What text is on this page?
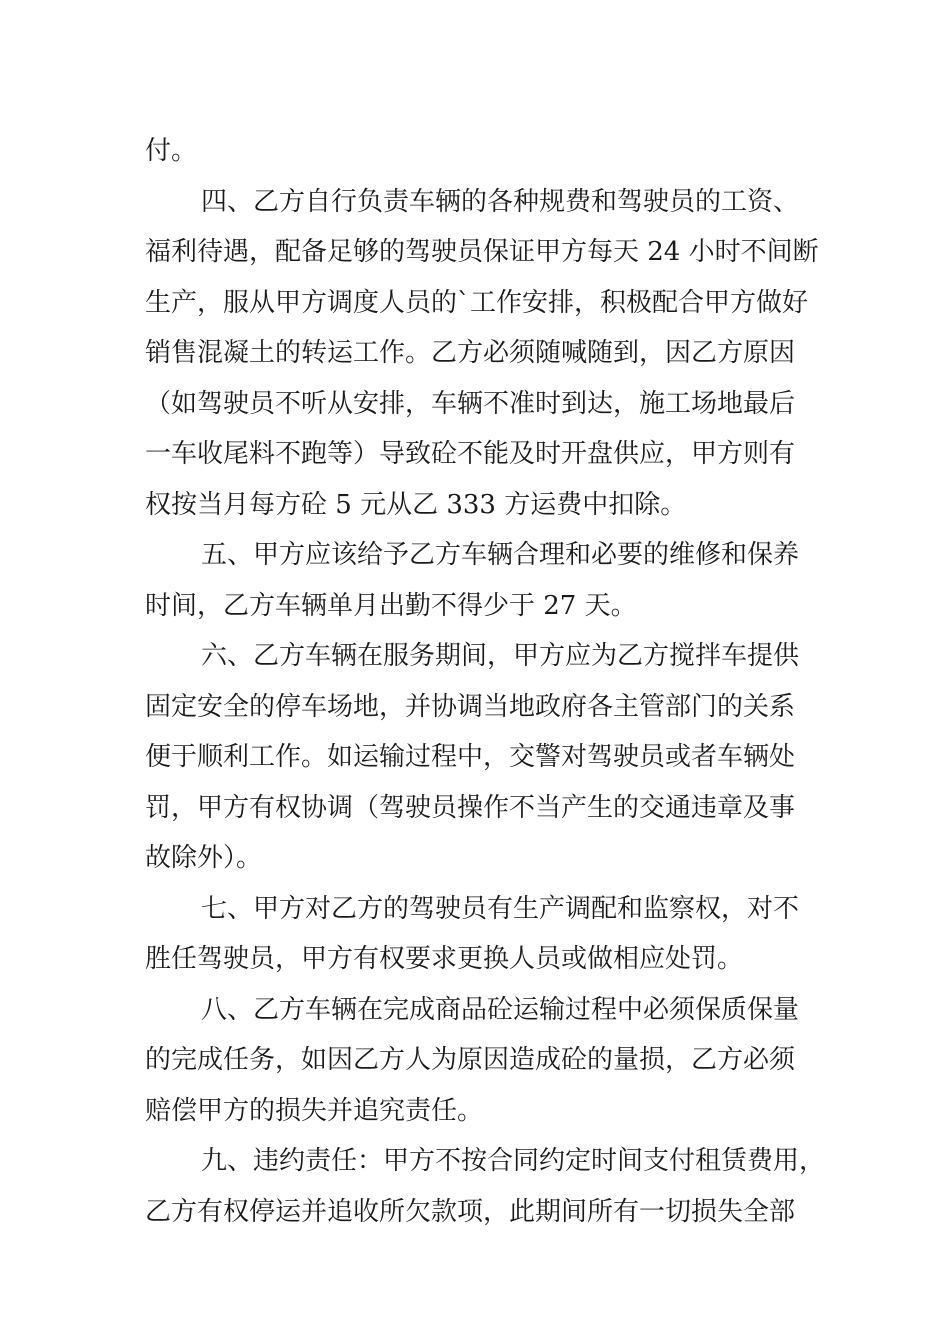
付。
四、乙方自行负责车辆的各种规费和驾驶员的工资、
福利待遇，配备足够的驾驶员保证甲方每天 24 小时不间断
生产，服从甲方调度人员的`工作安排，积极配合甲方做好
销售混凝土的转运工作。乙方必须随喊随到，因乙方原因
（如驾驶员不听从安排，车辆不准时到达，施工场地最后
一车收尾料不跑等）导致砼不能及时开盘供应，甲方则有
权按当月每方砼 5 元从乙 333 方运费中扣除。
五、甲方应该给予乙方车辆合理和必要的维修和保养
时间，乙方车辆单月出勤不得少于 27 天。
六、乙方车辆在服务期间，甲方应为乙方搅拌车提供
固定安全的停车场地，并协调当地政府各主管部门的关系
便于顺利工作。如运输过程中，交警对驾驶员或者车辆处
罚，甲方有权协调（驾驶员操作不当产生的交通违章及事
故除外）。
七、甲方对乙方的驾驶员有生产调配和监察权，对不
胜任驾驶员，甲方有权要求更换人员或做相应处罚。
八、乙方车辆在完成商品砼运输过程中必须保质保量
的完成任务，如因乙方人为原因造成砼的量损，乙方必须
赔偿甲方的损失并追究责任。
九、违约责任：甲方不按合同约定时间支付租赁费用，
乙方有权停运并追收所欠款项，此期间所有一切损失全部
